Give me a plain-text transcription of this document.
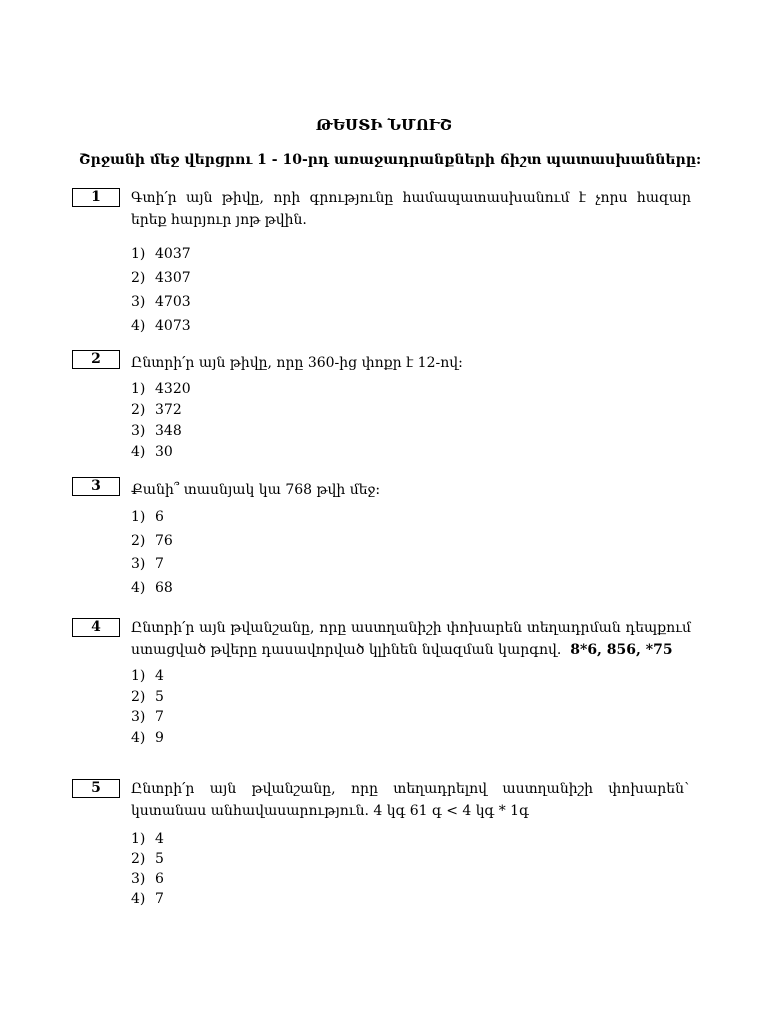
ԹԵՍՏԻ ՆՄՈՒՇ
Շրջանի մեջ վերցրու 1 - 10-րդ առաջադրանքների ճիշտ պատասխանները:
1	Գտի՛ր այն թիվը, որի գրությունը համապատասխանում է չորս հազար երեք հարյուր յոթ թվին.
1) 4037
2) 4307
3) 4703
4) 4073
2	Ընտրի՛ր այն թիվը, որը 360-ից փոքր է 12-ով:
1) 4320
2) 372
3) 348
4) 30
3	Քանի՞ տասնյակ կա 768 թվի մեջ:
1) 6
2) 76
3) 7
4) 68
4	Ընտրի՛ր այն թվանշանը, որը աստղանիշի փոխարեն տեղադրման դեպքում ստացված թվերը դասավորված կլինեն նվազման կարգով. 8*6, 856, *75
1) 4
2) 5
3) 7
4) 9
5	Ընտրի՛ր այն թվանշանը, որը տեղադրելով աստղանիշի փոխարեն` կստանաս անհավասարություն. 4 կգ 61 գ < 4 կգ * 1գ
1) 4
2) 5
3) 6
4) 7
